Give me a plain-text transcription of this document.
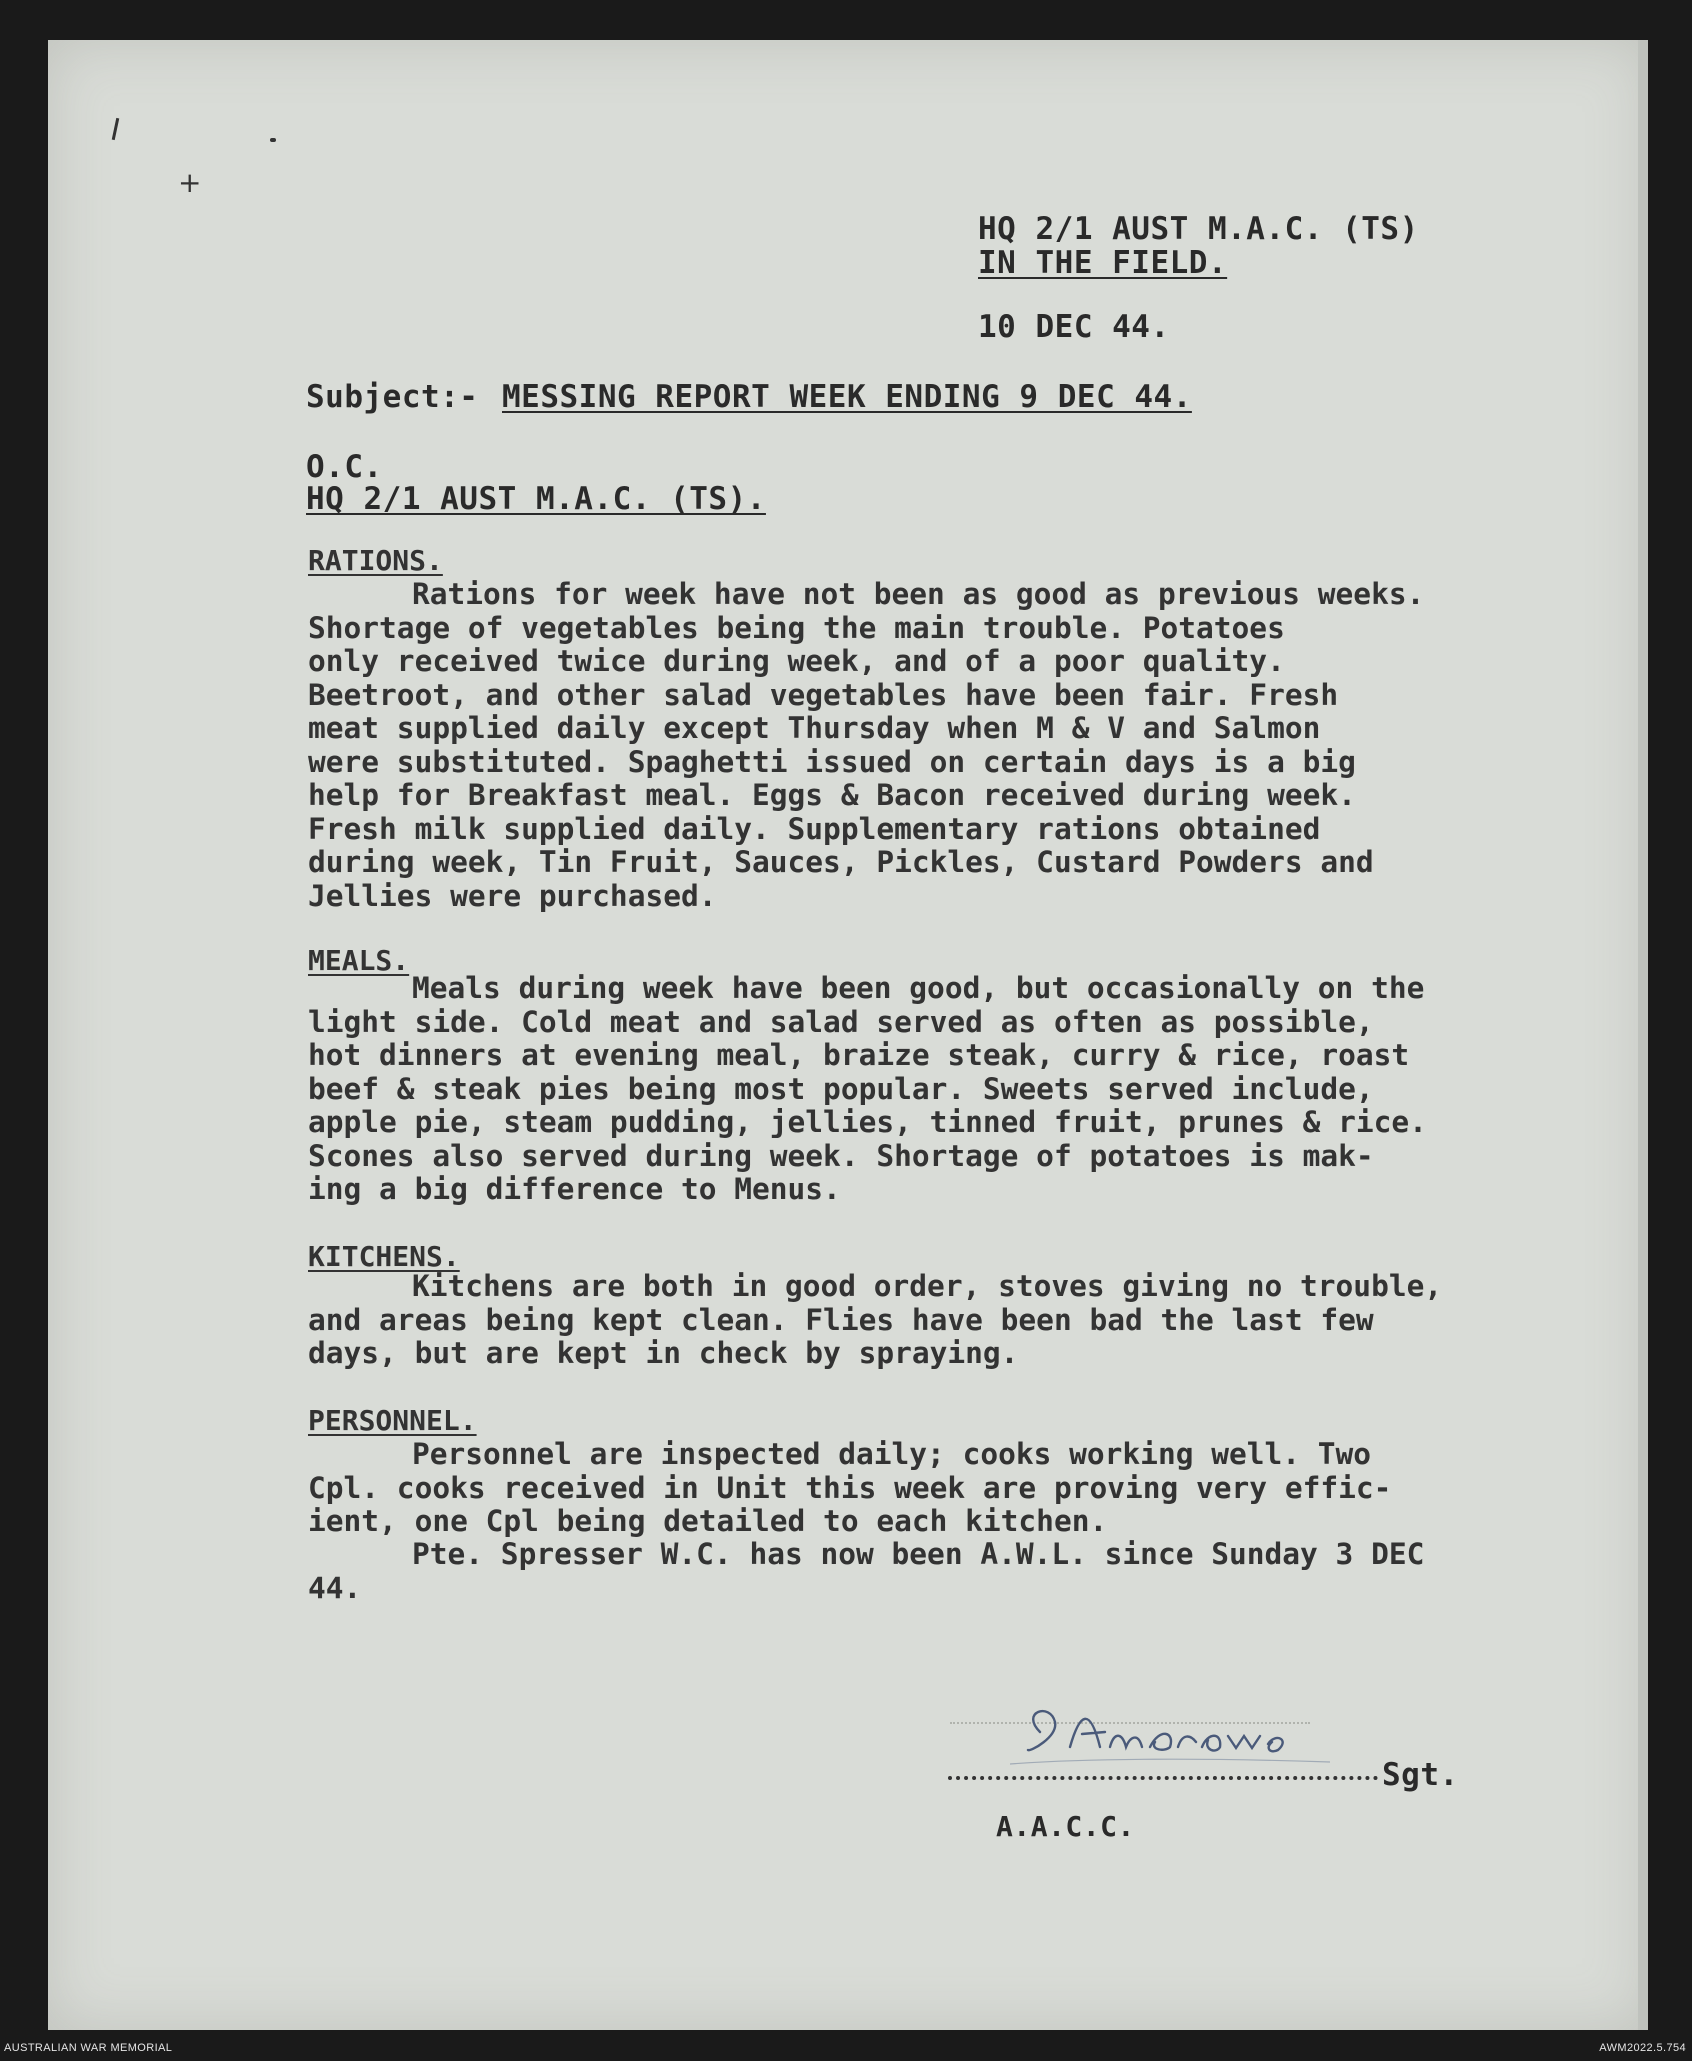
+
HQ 2/1 AUST M.A.C. (TS)
IN THE FIELD.
10 DEC 44.
Subject:- MESSING REPORT WEEK ENDING 9 DEC 44.
O.C.
HQ 2/1 AUST M.A.C. (TS).
RATIONS.
Rations for week have not been as good as previous weeks.
Shortage of vegetables being the main trouble. Potatoes
only received twice during week, and of a poor quality.
Beetroot, and other salad vegetables have been fair. Fresh
meat supplied daily except Thursday when M & V and Salmon
were substituted. Spaghetti issued on certain days is a big
help for Breakfast meal. Eggs & Bacon received during week.
Fresh milk supplied daily. Supplementary rations obtained
during week, Tin Fruit, Sauces, Pickles, Custard Powders and
Jellies were purchased.
MEALS.
Meals during week have been good, but occasionally on the
light side. Cold meat and salad served as often as possible,
hot dinners at evening meal, braize steak, curry & rice, roast
beef & steak pies being most popular. Sweets served include,
apple pie, steam pudding, jellies, tinned fruit, prunes & rice.
Scones also served during week. Shortage of potatoes is mak-
ing a big difference to Menus.
KITCHENS.
Kitchens are both in good order, stoves giving no trouble,
and areas being kept clean. Flies have been bad the last few
days, but are kept in check by spraying.
PERSONNEL.
Personnel are inspected daily; cooks working well. Two
Cpl. cooks received in Unit this week are proving very effic-
ient, one Cpl being detailed to each kitchen.
Pte. Spresser W.C. has now been A.W.L. since Sunday 3 DEC
44.
Sgt.
A.A.C.C.
AUSTRALIAN WAR MEMORIAL	AWM2022.5.754
